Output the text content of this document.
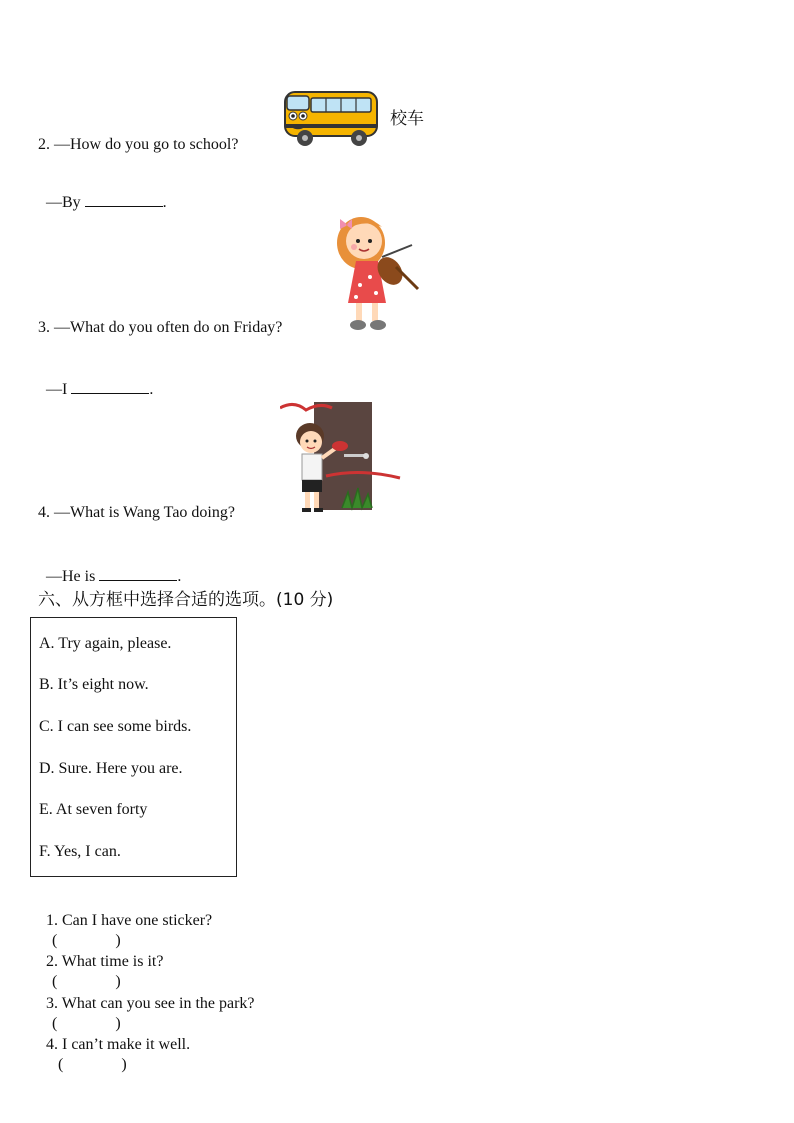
校车
2. —How do you go to school?

—By	.

3. —What do you often do on Friday?

—I	.

4. —What is Wang Tao doing?

—He is	.

六、从方框中选择合适的选项。(10 分)
A. Try again, please.
B. It’s eight now.
C. I can see some birds.
D. Sure. Here you are.
E. At seven forty
F. Yes, I can.

1. Can I have one sticker?
(	)

2. What time is it?
(	)

3. What can you see in the park?
(	)

4. I can’t make it well.
(	)
